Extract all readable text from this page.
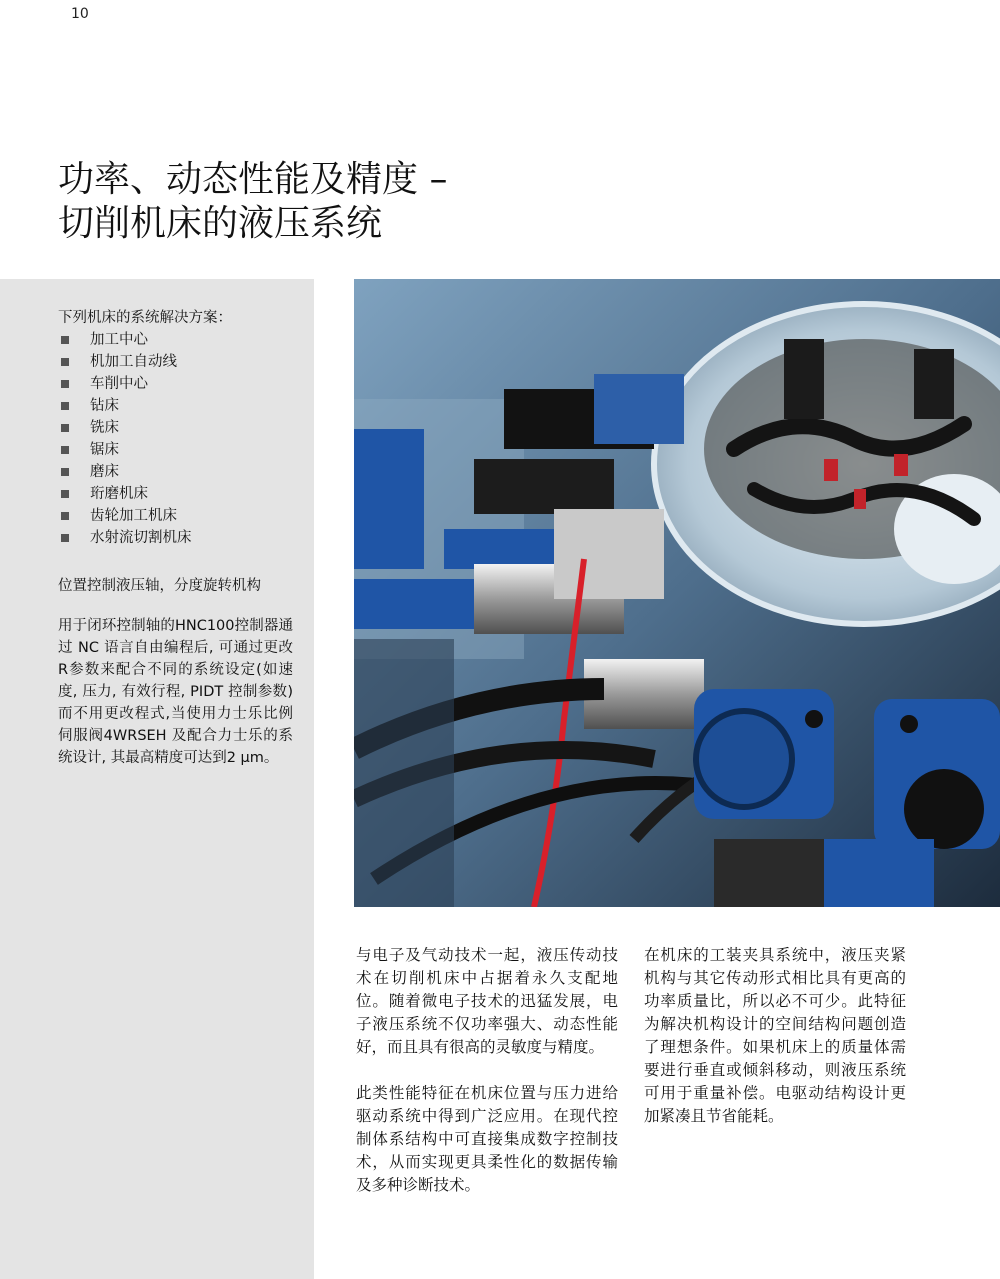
10
功率、动态性能及精度 –
切削机床的液压系统
下列机床的系统解决方案：
加工中心
机加工自动线
车削中心
钻床
铣床
锯床
磨床
珩磨机床
齿轮加工机床
水射流切割机床
位置控制液压轴，分度旋转机构
用于闭环控制轴的HNC100控制器通过 NC 语言自由编程后, 可通过更改R参数来配合不同的系统设定(如速度, 压力, 有效行程, PIDT 控制参数)而不用更改程式,当使用力士乐比例伺服阀4WRSEH 及配合力士乐的系统设计, 其最高精度可达到2 µm。

与电子及气动技术一起，液压传动技术在切削机床中占据着永久支配地位。随着微电子技术的迅猛发展，电子液压系统不仅功率强大、动态性能好，而且具有很高的灵敏度与精度。

此类性能特征在机床位置与压力进给驱动系统中得到广泛应用。在现代控制体系结构中可直接集成数字控制技术，从而实现更具柔性化的数据传输及多种诊断技术。

在机床的工装夹具系统中，液压夹紧机构与其它传动形式相比具有更高的功率质量比，所以必不可少。此特征为解决机构设计的空间结构问题创造了理想条件。如果机床上的质量体需要进行垂直或倾斜移动，则液压系统可用于重量补偿。电驱动结构设计更加紧凑且节省能耗。
